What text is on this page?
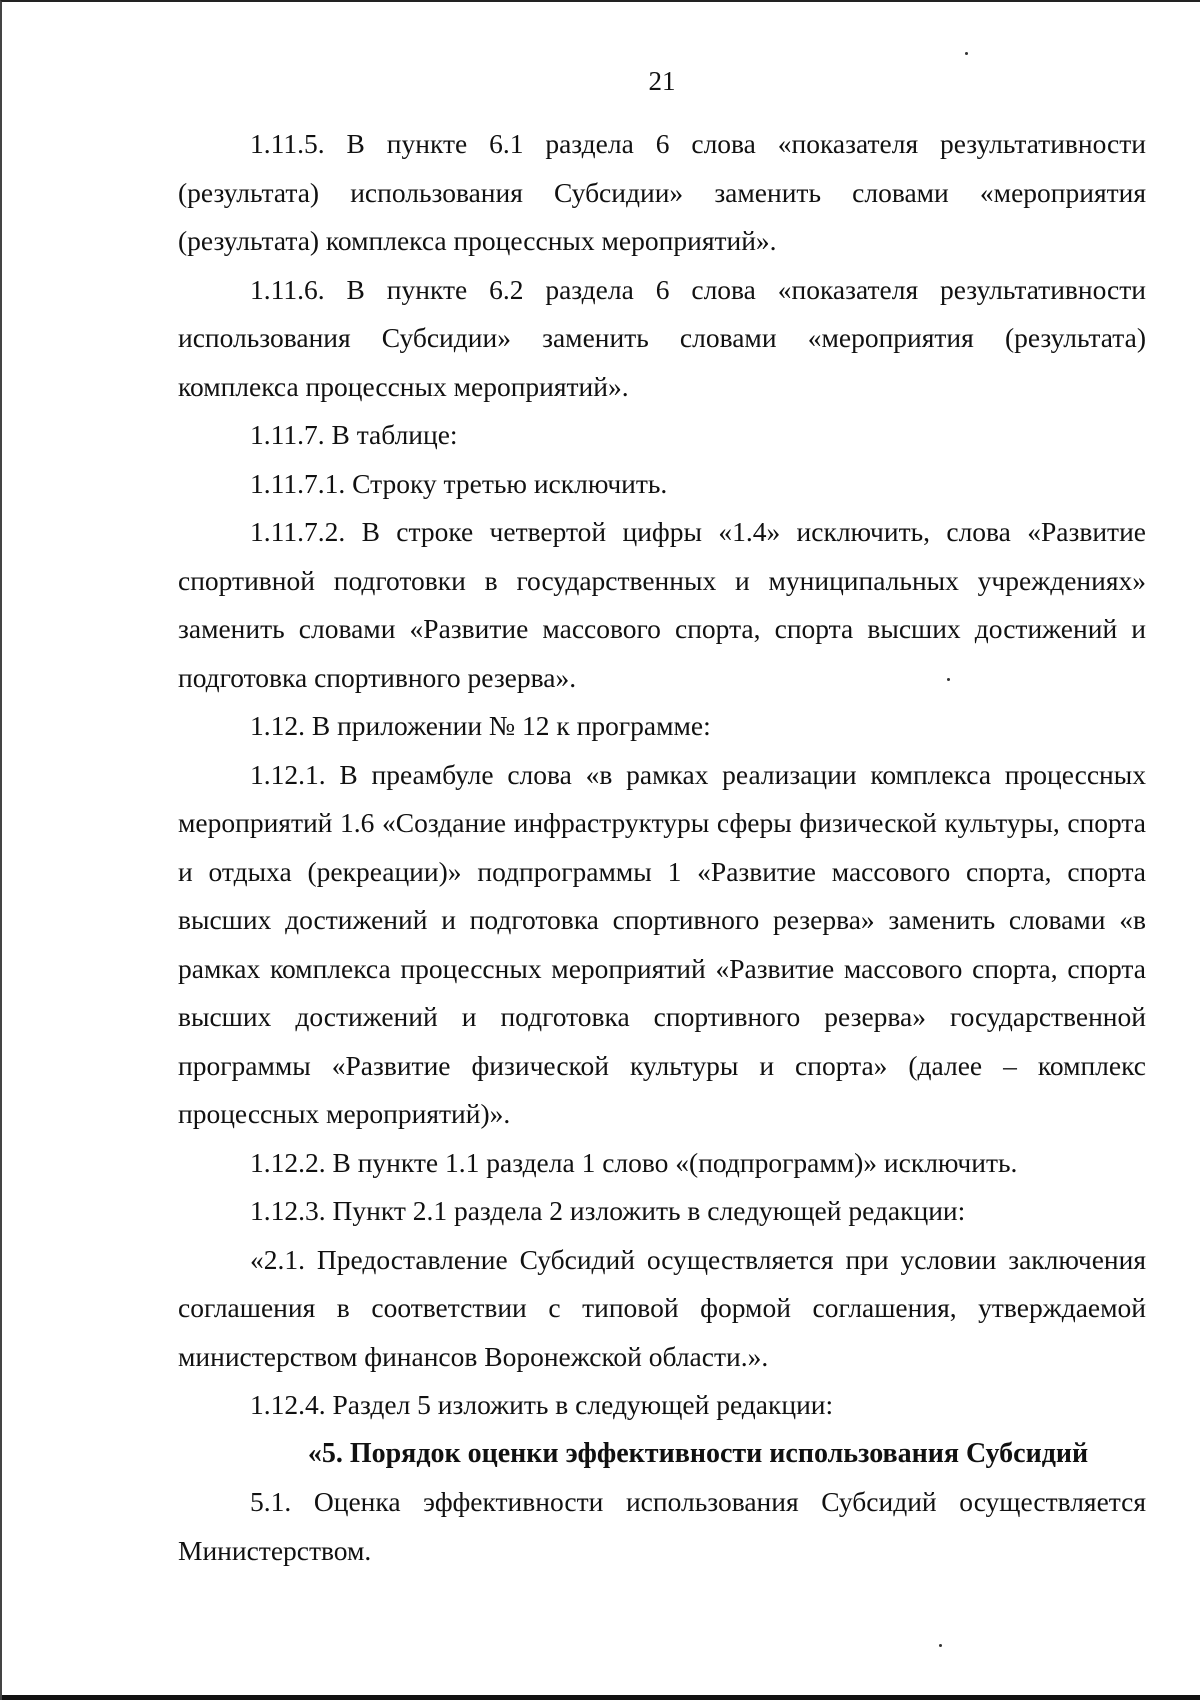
21

1.11.5. В пункте 6.1 раздела 6 слова «показателя результативности (результата) использования Субсидии» заменить словами «мероприятия (результата) комплекса процессных мероприятий».

1.11.6. В пункте 6.2 раздела 6 слова «показателя результативности использования Субсидии» заменить словами «мероприятия (результата) комплекса процессных мероприятий».

1.11.7. В таблице:

1.11.7.1. Строку третью исключить.

1.11.7.2. В строке четвертой цифры «1.4» исключить, слова «Развитие спортивной подготовки в государственных и муниципальных учреждениях» заменить словами «Развитие массового спорта, спорта высших достижений и подготовка спортивного резерва».

1.12. В приложении № 12 к программе:

1.12.1. В преамбуле слова «в рамках реализации комплекса процессных мероприятий 1.6 «Создание инфраструктуры сферы физической культуры, спорта и отдыха (рекреации)» подпрограммы 1 «Развитие массового спорта, спорта высших достижений и подготовка спортивного резерва» заменить словами «в рамках комплекса процессных мероприятий «Развитие массового спорта, спорта высших достижений и подготовка спортивного резерва» государственной программы «Развитие физической культуры и спорта» (далее – комплекс процессных мероприятий)».

1.12.2. В пункте 1.1 раздела 1 слово «(подпрограмм)» исключить.

1.12.3. Пункт 2.1 раздела 2 изложить в следующей редакции:

«2.1. Предоставление Субсидий осуществляется при условии заключения соглашения в соответствии с типовой формой соглашения, утверждаемой министерством финансов Воронежской области.».

1.12.4. Раздел 5 изложить в следующей редакции:

«5. Порядок оценки эффективности использования Субсидий

5.1. Оценка эффективности использования Субсидий осуществляется Министерством.
